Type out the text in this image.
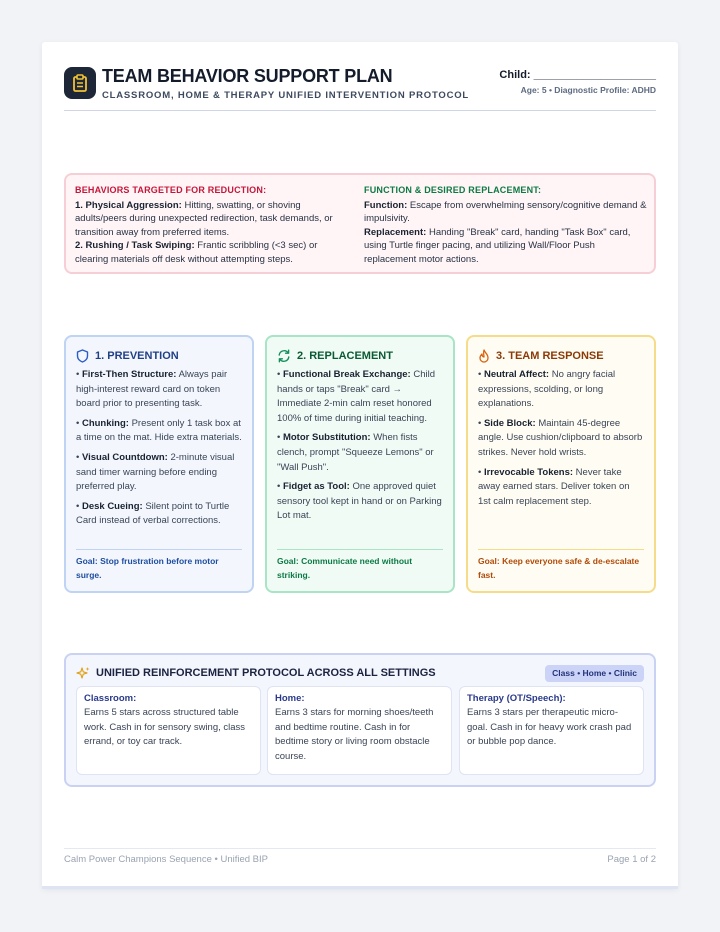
TEAM BEHAVIOR SUPPORT PLAN
CLASSROOM, HOME & THERAPY UNIFIED INTERVENTION PROTOCOL
Child: ____________________
Age: 5 • Diagnostic Profile: ADHD
BEHAVIORS TARGETED FOR REDUCTION:
1. Physical Aggression: Hitting, swatting, or shoving adults/peers during unexpected redirection, task demands, or transition away from preferred items.
2. Rushing / Task Swiping: Frantic scribbling (<3 sec) or clearing materials off desk without attempting steps.
FUNCTION & DESIRED REPLACEMENT:
Function: Escape from overwhelming sensory/cognitive demand & impulsivity.
Replacement: Handing "Break" card, handing "Task Box" card, using Turtle finger pacing, and utilizing Wall/Floor Push replacement motor actions.
1. PREVENTION
• First-Then Structure: Always pair high-interest reward card on token board prior to presenting task.
• Chunking: Present only 1 task box at a time on the mat. Hide extra materials.
• Visual Countdown: 2-minute visual sand timer warning before ending preferred play.
• Desk Cueing: Silent point to Turtle Card instead of verbal corrections.
Goal: Stop frustration before motor surge.
2. REPLACEMENT
• Functional Break Exchange: Child hands or taps "Break" card → Immediate 2-min calm reset honored 100% of time during initial teaching.
• Motor Substitution: When fists clench, prompt "Squeeze Lemons" or "Wall Push".
• Fidget as Tool: One approved quiet sensory tool kept in hand or on Parking Lot mat.
Goal: Communicate need without striking.
3. TEAM RESPONSE
• Neutral Affect: No angry facial expressions, scolding, or long explanations.
• Side Block: Maintain 45-degree angle. Use cushion/clipboard to absorb strikes. Never hold wrists.
• Irrevocable Tokens: Never take away earned stars. Deliver token on 1st calm replacement step.
Goal: Keep everyone safe & de-escalate fast.
UNIFIED REINFORCEMENT PROTOCOL ACROSS ALL SETTINGS	Class • Home • Clinic
Classroom:
Earns 5 stars across structured table work. Cash in for sensory swing, class errand, or toy car track.
Home:
Earns 3 stars for morning shoes/teeth and bedtime routine. Cash in for bedtime story or living room obstacle course.
Therapy (OT/Speech):
Earns 3 stars per therapeutic micro-goal. Cash in for heavy work crash pad or bubble pop dance.
Calm Power Champions Sequence • Unified BIP	Page 1 of 2
